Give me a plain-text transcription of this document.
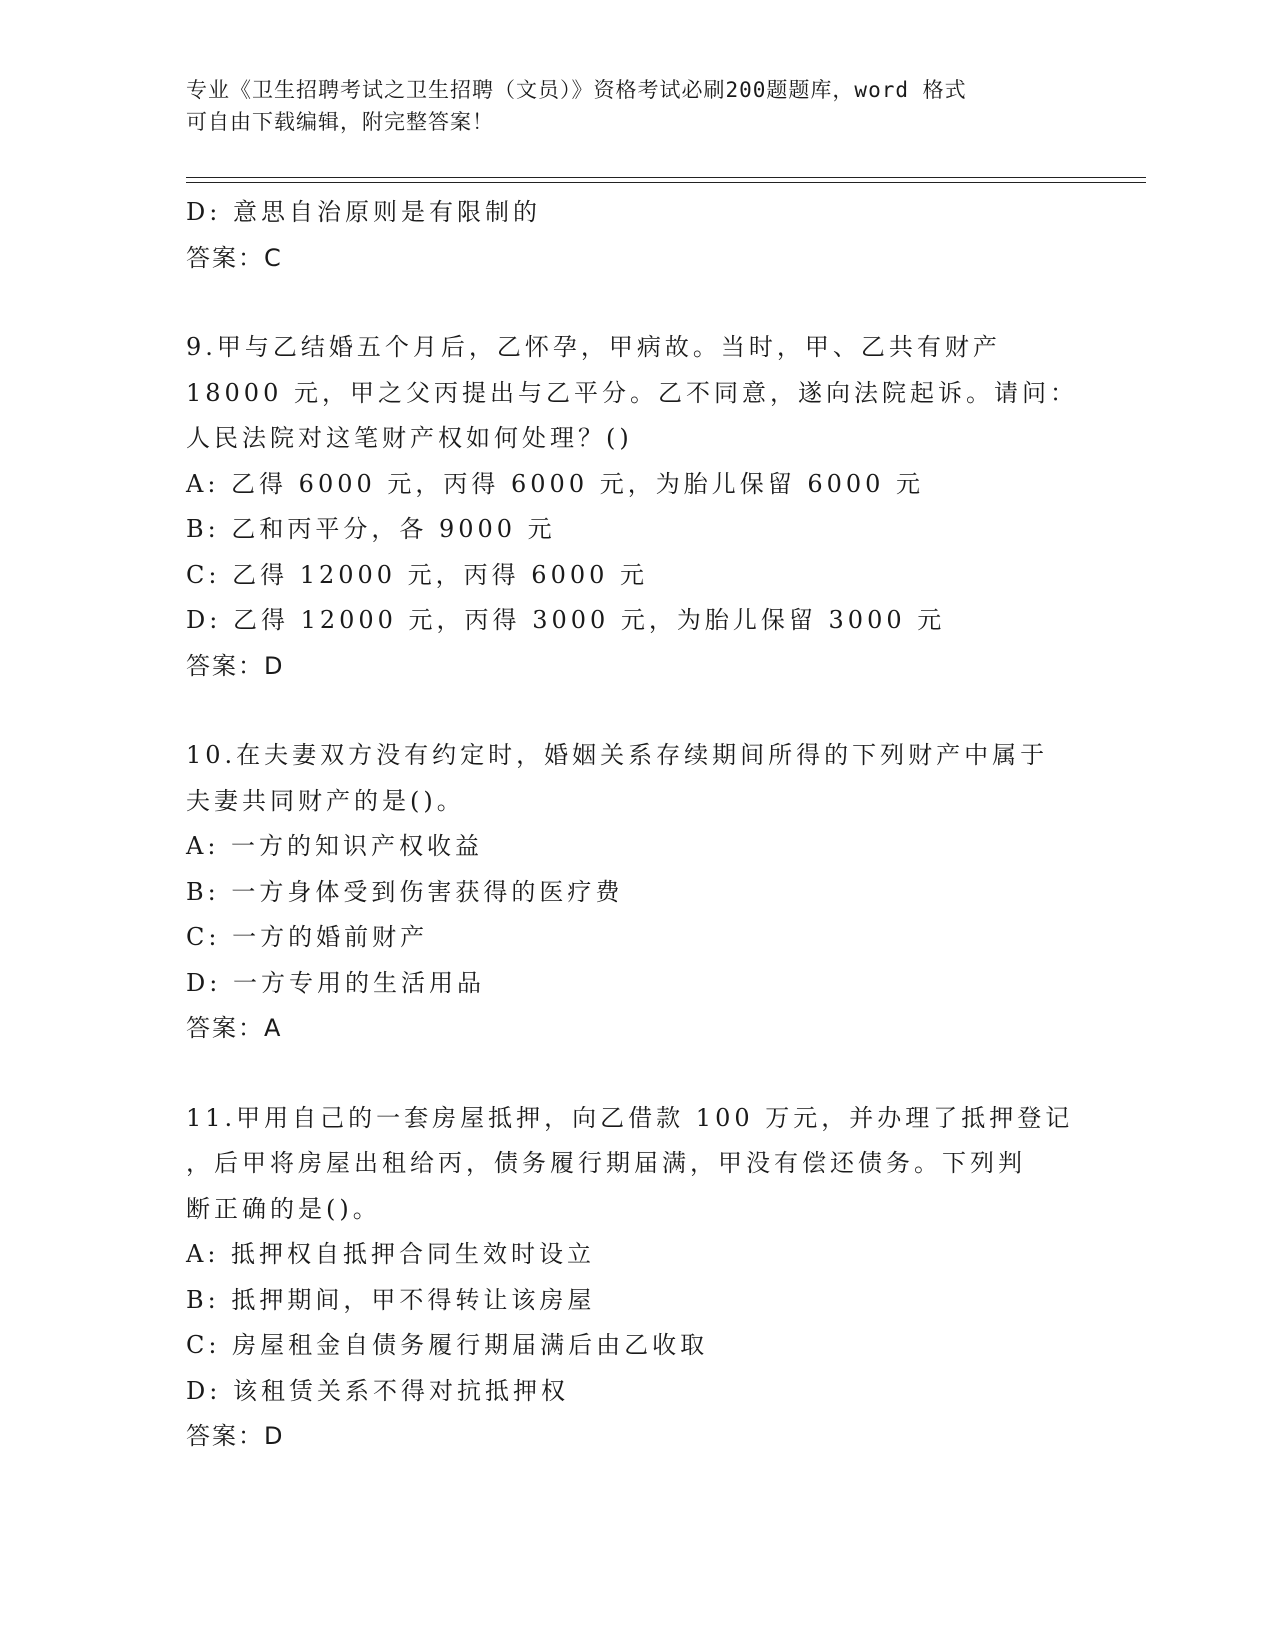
专业《卫生招聘考试之卫生招聘（文员）》资格考试必刷200题题库，word 格式

可自由下载编辑，附完整答案！

D: 意思自治原则是有限制的
答案：C
9.甲与乙结婚五个月后，乙怀孕，甲病故。当时，甲、乙共有财产
18000 元，甲之父丙提出与乙平分。乙不同意，遂向法院起诉。请问：
人民法院对这笔财产权如何处理？()
A: 乙得 6000 元，丙得 6000 元，为胎儿保留 6000 元
B: 乙和丙平分，各 9000 元
C: 乙得 12000 元，丙得 6000 元
D: 乙得 12000 元，丙得 3000 元，为胎儿保留 3000 元
答案：D
10.在夫妻双方没有约定时，婚姻关系存续期间所得的下列财产中属于
夫妻共同财产的是()。
A: 一方的知识产权收益
B: 一方身体受到伤害获得的医疗费
C: 一方的婚前财产
D: 一方专用的生活用品
答案：A
11.甲用自己的一套房屋抵押，向乙借款 100 万元，并办理了抵押登记
，后甲将房屋出租给丙，债务履行期届满，甲没有偿还债务。下列判
断正确的是()。
A: 抵押权自抵押合同生效时设立
B: 抵押期间，甲不得转让该房屋
C: 房屋租金自债务履行期届满后由乙收取
D: 该租赁关系不得对抗抵押权
答案：D
